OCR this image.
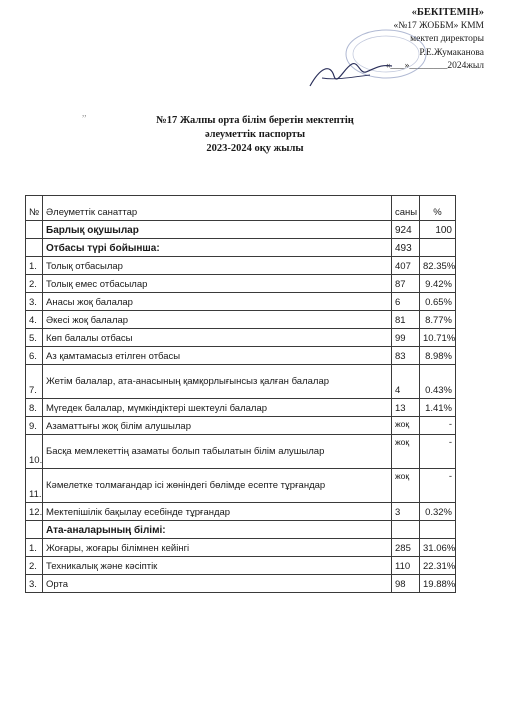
«БЕКІТЕМІН»
«№17 ЖОББМ» КММ
мектеп директоры
Р.Е.Жумаканова
«___»________2024жыл
,,
№17 Жалпы орта білім беретін мектептің
әлеуметтік паспорты
2023-2024 оқу жылы
№	Әлеуметтік санаттар	саны	%
	Барлық оқушылар	924	100
	Отбасы түрі бойынша:	493	
1.	Толық отбасылар	407	82.35%
2.	Толық емес отбасылар	87	9.42%
3.	Анасы жоқ балалар	6	0.65%
4.	Әкесі жоқ балалар	81	8.77%
5.	Көп балалы отбасы	99	10.71%
6.	Аз қамтамасыз етілген отбасы	83	8.98%
7.	Жетім балалар, ата-анасының қамқорлығынсыз қалған балалар	4	0.43%
8.	Мүгедек балалар, мүмкіндіктері шектеулі балалар	13	1.41%
9.	Азаматтығы жоқ білім алушылар	жоқ	-
10.	Басқа мемлекеттің азаматы болып табылатын білім алушылар	жоқ	-
11.	Кәмелетке толмағандар ісі жөніндегі бөлімде есепте тұрғандар	жоқ	-
12.	Мектепішілік бақылау есебінде тұрғандар	3	0.32%
	Ата-аналарының білімі:		
1.	Жоғары, жоғары білімнен кейінгі	285	31.06%
2.	Техникалық және кәсіптік	110	22.31%
3.	Орта	98	19.88%
